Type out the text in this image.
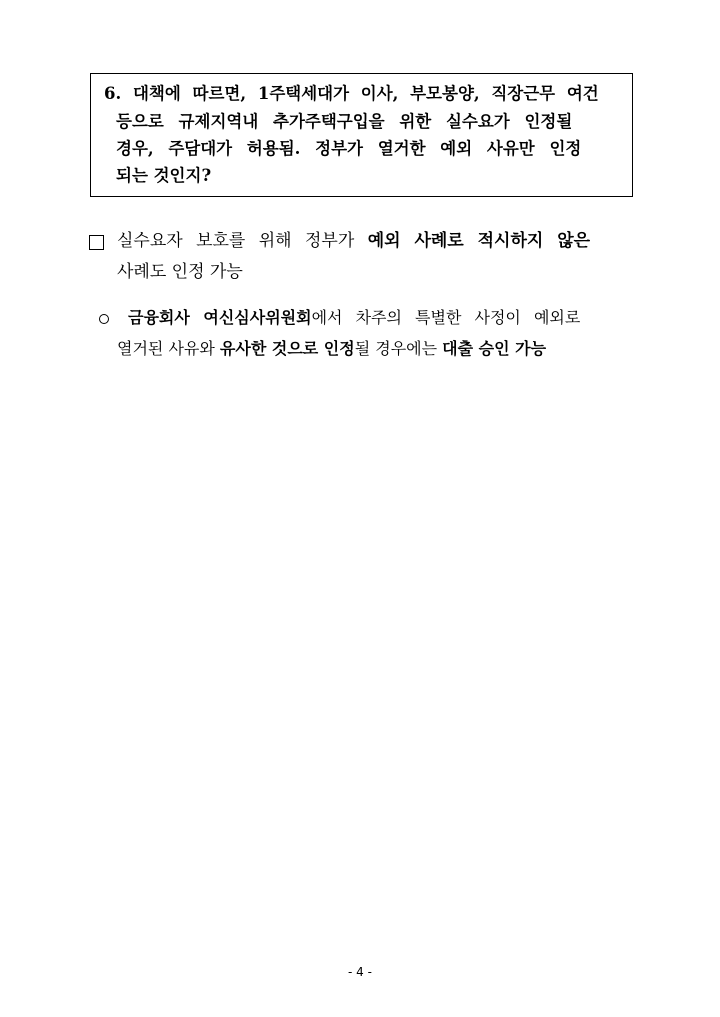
6. 대책에 따르면, 1주택세대가 이사, 부모봉양, 직장근무 여건
등으로 규제지역내 추가주택구입을 위한 실수요가 인정될
경우, 주담대가 허용됨. 정부가 열거한 예외 사유만 인정
되는 것인지?
실수요자 보호를 위해 정부가 예외 사례로 적시하지 않은
사례도 인정 가능
금융회사 여신심사위원회에서 차주의 특별한 사정이 예외로
열거된 사유와 유사한 것으로 인정될 경우에는 대출 승인 가능
- 4 -
